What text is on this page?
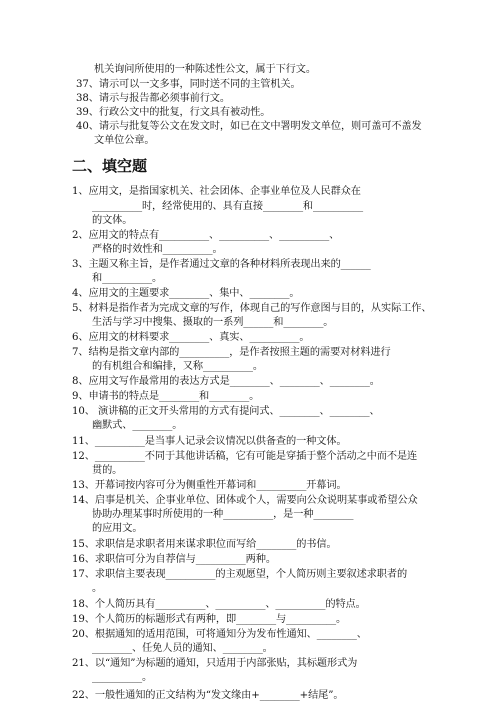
机关询问所使用的一种陈述性公文，属于下行文。
37、请示可以一文多事，同时送不同的主管机关。
38、请示与报告都必须事前行文。
39、行政公文中的批复，行文具有被动性。
40、请示与批复等公文在发文时，如已在文中署明发文单位，则可盖可不盖发
文单位公章。
二、填空题
1、应用文，是指国家机关、社会团体、企事业单位及人民群众在
__________时，经常使用的、具有直接________和__________
的文体。
2、应用文的特点有__________、__________、__________、
严格的时效性和__________。
3、主题又称主旨，是作者通过文章的各种材料所表现出来的______
和__________。
4、应用文的主题要求________、集中、________。
5、材料是指作者为完成文章的写作，体现自己的写作意图与目的，从实际工作、
生活与学习中搜集、摄取的一系列______和________。
6、应用文的材料要求________、真实、__________。
7、结构是指文章内部的__________，是作者按照主题的需要对材料进行
的有机组合和编排，又称__________。
8、应用文写作最常用的表达方式是________、________、________。
9、申请书的特点是________和________。
10、 演讲稿的正文开头常用的方式有提问式、________、________、
幽默式、________。
11、__________是当事人记录会议情况以供备查的一种文体。
12、__________不同于其他讲话稿，它有可能是穿插于整个活动之中而不是连
贯的。
13、开幕词按内容可分为侧重性开幕词和__________开幕词。
14、启事是机关、企事业单位、团体或个人，需要向公众说明某事或希望公众
协助办理某事时所使用的一种__________，是一种________
的应用文。
15、求职信是求职者用来谋求职位而写给________的书信。
16、求职信可分为自荐信与__________两种。
17、求职信主要表现__________的主观愿望，个人简历则主要叙述求职者的
。
18、个人简历具有__________、__________、__________的特点。
19、个人简历的标题形式有两种，即________与__________。
20、根据通知的适用范围，可将通知分为发布性通知、________、
________、任免人员的通知、________。
21、以“通知”为标题的通知，只适用于内部张贴，其标题形式为
__________。
22、一般性通知的正文结构为“发文缘由+________+结尾”。
